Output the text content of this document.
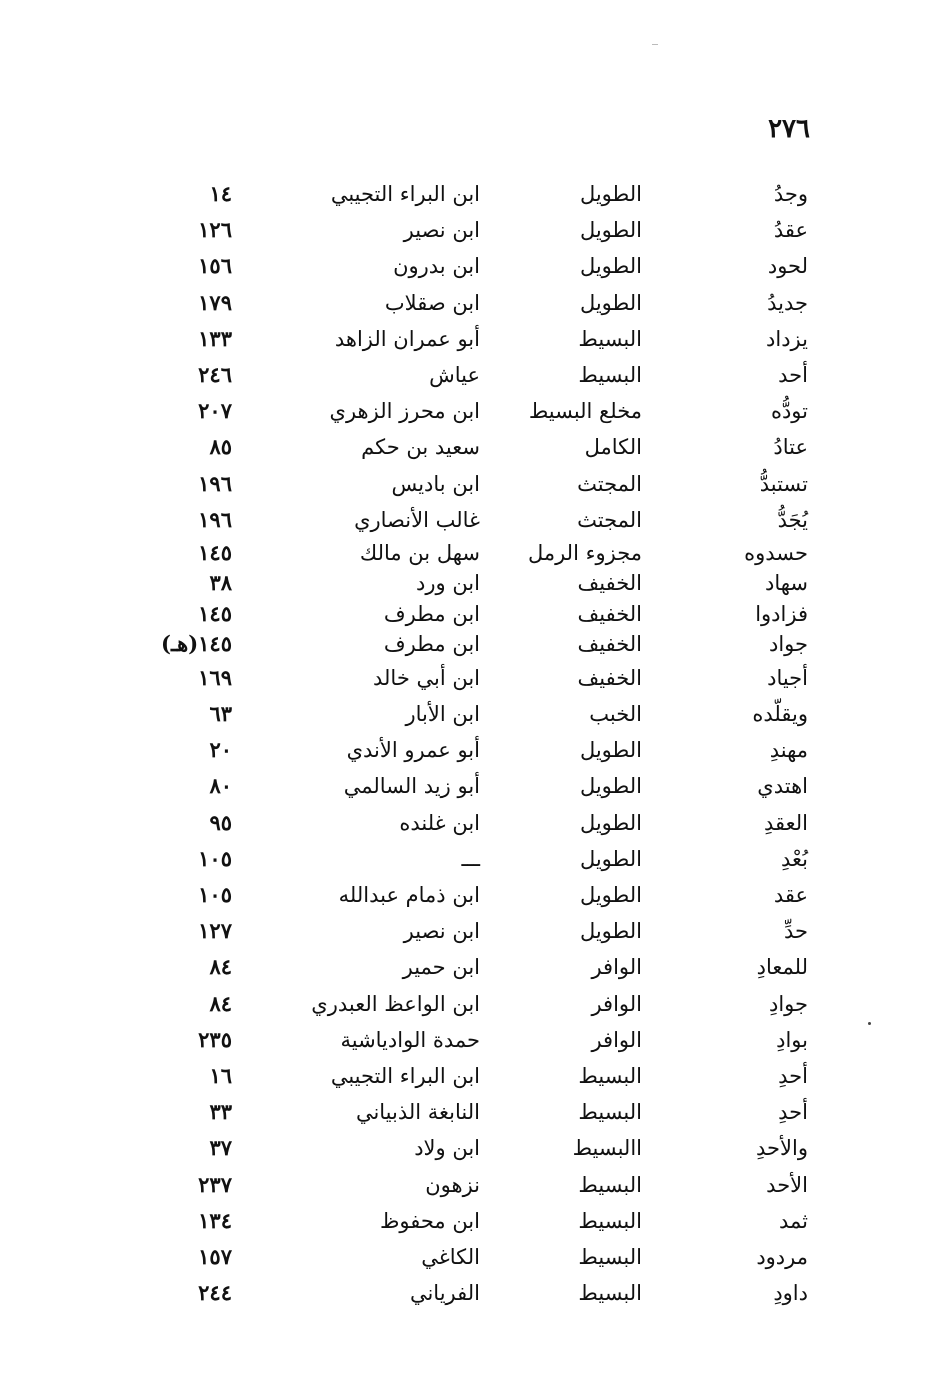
٢٧٦
وجدُ
الطويل
ابن البراء التجيبي
١٤
عقدُ
الطويل
ابن نصير
١٢٦
لحود
الطويل
ابن بدرون
١٥٦
جديدُ
الطويل
ابن صقلاب
١٧٩
يزداد
البسيط
أبو عمران الزاهد
١٣٣
أحد
البسيط
عياش
٢٤٦
تودُّه
مخلع البسيط
ابن محرز الزهري
٢٠٧
عتادُ
الكامل
سعيد بن حكم
٨٥
تستبدُّ
المجتث
ابن باديس
١٩٦
يُجَدُّ
المجتث
غالب الأنصاري
١٩٦
حسدوه
مجزوء الرمل
سهل بن مالك
١٤٥
سهاد
الخفيف
ابن ورد
٣٨
فزادوا
الخفيف
ابن مطرف
١٤٥
جواد
الخفيف
ابن مطرف
١٤٥(هـ)
أجياد
الخفيف
ابن أبي خالد
١٦٩
ويقلّده
الخبب
ابن الأبار
٦٣
مهندِ
الطويل
أبو عمرو الأندي
٢٠
اهتدي
الطويل
أبو زيد السالمي
٨٠
العقدِ
الطويل
ابن غلنده
٩٥
بُعْدِ
الطويل
ـــ
١٠٥
عقد
الطويل
ابن ذمام عبدالله
١٠٥
حدِّ
الطويل
ابن نصير
١٢٧
للمعادِ
الوافر
ابن حمير
٨٤
جوادِ
الوافر
ابن الواعظ العبدري
٨٤
بوادِ
الوافر
حمدة الوادياشية
٢٣٥
أحدِ
البسيط
ابن البراء التجيبي
١٦
أحدِ
البسيط
النابغة الذبياني
٣٣
والأحدِ
االبسيط
ابن ولاد
٣٧
الأحد
البسيط
نزهون
٢٣٧
ثمد
البسيط
ابن محفوظ
١٣٤
مردود
البسيط
الكاغي
١٥٧
داودِ
البسيط
الفرياني
٢٤٤
